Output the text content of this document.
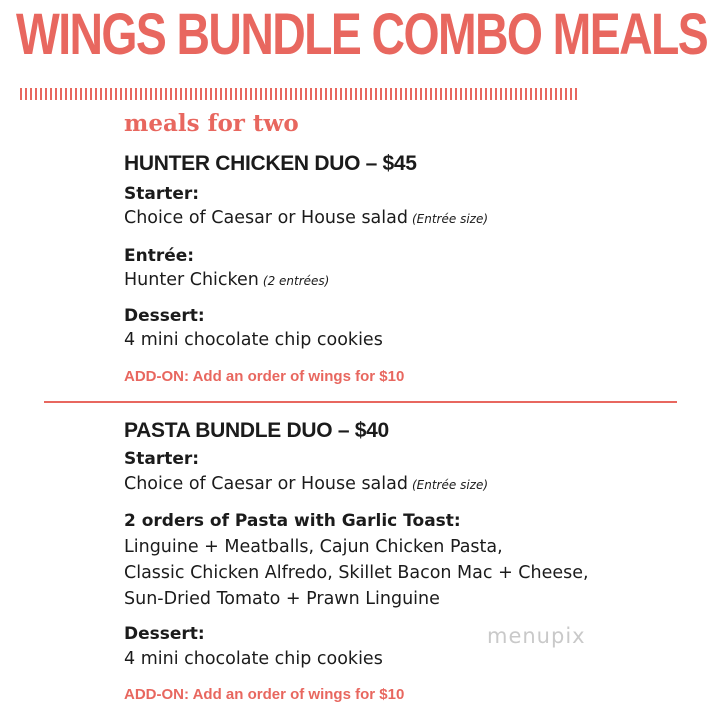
WINGS BUNDLE COMBO MEALS
meals for two
HUNTER CHICKEN DUO – $45
Starter:
Choice of Caesar or House salad (Entrée size)
Entrée:
Hunter Chicken (2 entrées)
Dessert:
4 mini chocolate chip cookies
ADD-ON: Add an order of wings for $10
PASTA BUNDLE DUO – $40
Starter:
Choice of Caesar or House salad (Entrée size)
2 orders of Pasta with Garlic Toast:
Linguine + Meatballs, Cajun Chicken Pasta,
Classic Chicken Alfredo, Skillet Bacon Mac + Cheese,
Sun-Dried Tomato + Prawn Linguine
Dessert:
4 mini chocolate chip cookies
ADD-ON: Add an order of wings for $10
menupix
